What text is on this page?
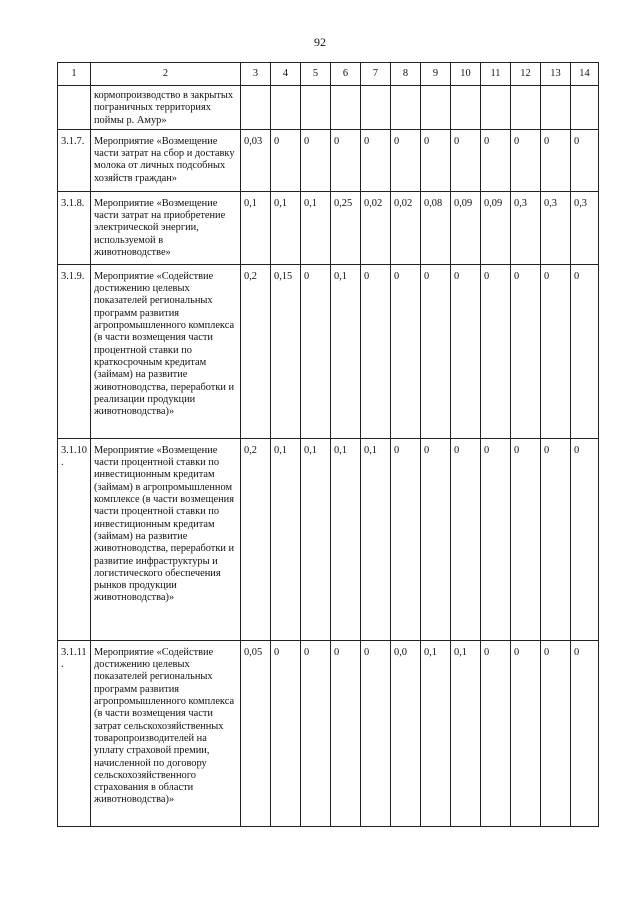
92
1	2	3	4	5	6	7	8	9	10	11	12	13	14
	кормопроизводство в закрытых пограничных территориях поймы р. Амур»												
3.1.7.	Мероприятие «Возмещение части затрат на сбор и доставку молока от личных подсобных хозяйств граждан»	0,03	0	0	0	0	0	0	0	0	0	0	0
3.1.8.	Мероприятие «Возмещение части затрат на приобретение электрической энергии, используемой в животноводстве»	0,1	0,1	0,1	0,25	0,02	0,02	0,08	0,09	0,09	0,3	0,3	0,3
3.1.9.	Мероприятие «Содействие достижению целевых показателей региональных программ развития агропромышленного комплекса (в части возмещения части процентной ставки по краткосрочным кредитам (займам) на развитие животноводства, переработки и реализации продукции животноводства)»	0,2	0,15	0	0,1	0	0	0	0	0	0	0	0
3.1.10.	Мероприятие «Возмещение части процентной ставки по инвестиционным кредитам (займам) в агропромышленном комплексе (в части возмещения части процентной ставки по инвестиционным кредитам (займам) на развитие животноводства, переработки и развитие инфраструктуры и логистического обеспечения рынков продукции животноводства)»	0,2	0,1	0,1	0,1	0,1	0	0	0	0	0	0	0
3.1.11.	Мероприятие «Содействие достижению целевых показателей региональных программ развития агропромышленного комплекса (в части возмещения части затрат сельскохозяйственных товаропроизводителей на уплату страховой премии, начисленной по договору сельскохозяйственного страхования в области животноводства)»	0,05	0	0	0	0	0,0	0,1	0,1	0	0	0	0
